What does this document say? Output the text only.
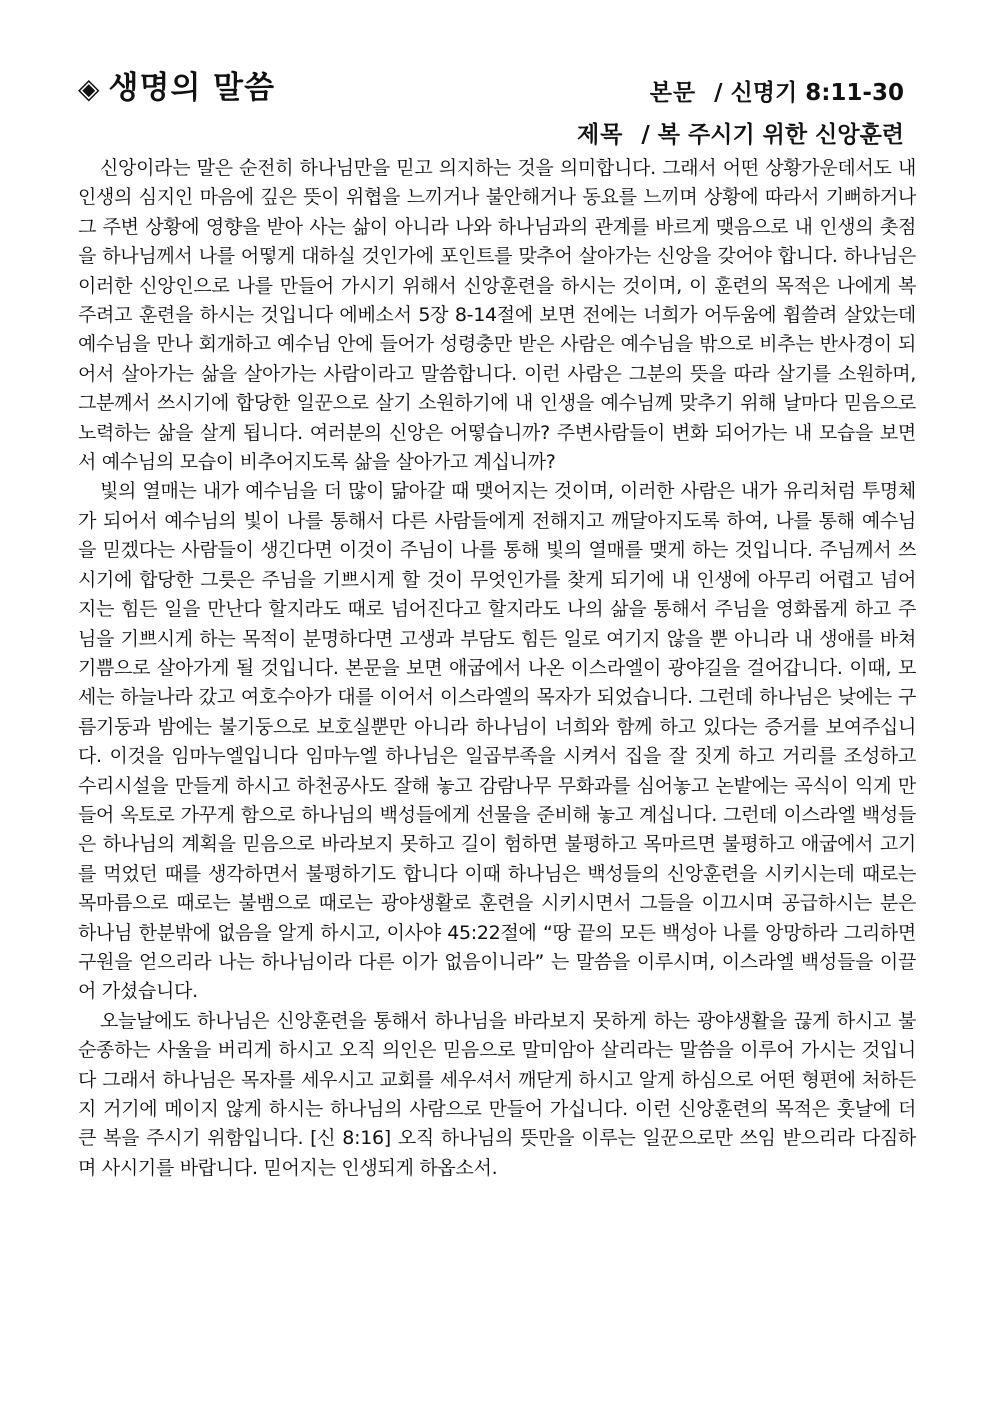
◈ 생명의 말씀	본문 / 신명기 8:11-30
제목 / 복 주시기 위한 신앙훈련

신앙이라는 말은 순전히 하나님만을 믿고 의지하는 것을 의미합니다. 그래서 어떤 상황가운데서도 내 인생의 심지인 마음에 깊은 뜻이 위협을 느끼거나 불안해거나 동요를 느끼며 상황에 따라서 기뻐하거나 그 주변 상황에 영향을 받아 사는 삶이 아니라 나와 하나님과의 관계를 바르게 맺음으로 내 인생의 촛점을 하나님께서 나를 어떻게 대하실 것인가에 포인트를 맞추어 살아가는 신앙을 갖어야 합니다. 하나님은 이러한 신앙인으로 나를 만들어 가시기 위해서 신앙훈련을 하시는 것이며, 이 훈련의 목적은 나에게 복 주려고 훈련을 하시는 것입니다 에베소서 5장 8-14절에 보면 전에는 너희가 어두움에 휩쓸려 살았는데 예수님을 만나 회개하고 예수님 안에 들어가 성령충만 받은 사람은 예수님을 밖으로 비추는 반사경이 되어서 살아가는 삶을 살아가는 사람이라고 말씀합니다. 이런 사람은 그분의 뜻을 따라 살기를 소원하며, 그분께서 쓰시기에 합당한 일꾼으로 살기 소원하기에 내 인생을 예수님께 맞추기 위해 날마다 믿음으로 노력하는 삶을 살게 됩니다. 여러분의 신앙은 어떻습니까? 주변사람들이 변화 되어가는 내 모습을 보면서 예수님의 모습이 비추어지도록 삶을 살아가고 계십니까?

빛의 열매는 내가 예수님을 더 많이 닮아갈 때 맺어지는 것이며, 이러한 사람은 내가 유리처럼 투명체가 되어서 예수님의 빛이 나를 통해서 다른 사람들에게 전해지고 깨달아지도록 하여, 나를 통해 예수님을 믿겠다는 사람들이 생긴다면 이것이 주님이 나를 통해 빛의 열매를 맺게 하는 것입니다. 주님께서 쓰시기에 합당한 그릇은 주님을 기쁘시게 할 것이 무엇인가를 찾게 되기에 내 인생에 아무리 어렵고 넘어지는 힘든 일을 만난다 할지라도 때로 넘어진다고 할지라도 나의 삶을 통해서 주님을 영화롭게 하고 주님을 기쁘시게 하는 목적이 분명하다면 고생과 부담도 힘든 일로 여기지 않을 뿐 아니라 내 생애를 바쳐 기쁨으로 살아가게 될 것입니다. 본문을 보면 애굽에서 나온 이스라엘이 광야길을 걸어갑니다. 이때, 모세는 하늘나라 갔고 여호수아가 대를 이어서 이스라엘의 목자가 되었습니다. 그런데 하나님은 낮에는 구름기둥과 밤에는 불기둥으로 보호실뿐만 아니라 하나님이 너희와 함께 하고 있다는 증거를 보여주십니다. 이것을 임마누엘입니다 임마누엘 하나님은 일곱부족을 시켜서 집을 잘 짓게 하고 거리를 조성하고 수리시설을 만들게 하시고 하천공사도 잘해 놓고 감람나무 무화과를 심어놓고 논밭에는 곡식이 익게 만들어 옥토로 가꾸게 함으로 하나님의 백성들에게 선물을 준비해 놓고 계십니다. 그런데 이스라엘 백성들은 하나님의 계획을 믿음으로 바라보지 못하고 길이 험하면 불평하고 목마르면 불평하고 애굽에서 고기를 먹었던 때를 생각하면서 불평하기도 합니다 이때 하나님은 백성들의 신앙훈련을 시키시는데 때로는 목마름으로 때로는 불뱀으로 때로는 광야생활로 훈련을 시키시면서 그들을 이끄시며 공급하시는 분은 하나님 한분밖에 없음을 알게 하시고, 이사야 45:22절에 “땅 끝의 모든 백성아 나를 앙망하라 그리하면 구원을 얻으리라 나는 하나님이라 다른 이가 없음이니라” 는 말씀을 이루시며, 이스라엘 백성들을 이끌어 가셨습니다.

오늘날에도 하나님은 신앙훈련을 통해서 하나님을 바라보지 못하게 하는 광야생활을 끊게 하시고 불순종하는 사울을 버리게 하시고 오직 의인은 믿음으로 말미암아 살리라는 말씀을 이루어 가시는 것입니다 그래서 하나님은 목자를 세우시고 교회를 세우셔서 깨닫게 하시고 알게 하심으로 어떤 형편에 처하든지 거기에 메이지 않게 하시는 하나님의 사람으로 만들어 가십니다. 이런 신앙훈련의 목적은 훗날에 더 큰 복을 주시기 위함입니다. [신 8:16] 오직 하나님의 뜻만을 이루는 일꾼으로만 쓰임 받으리라 다짐하며 사시기를 바랍니다. 믿어지는 인생되게 하옵소서.
